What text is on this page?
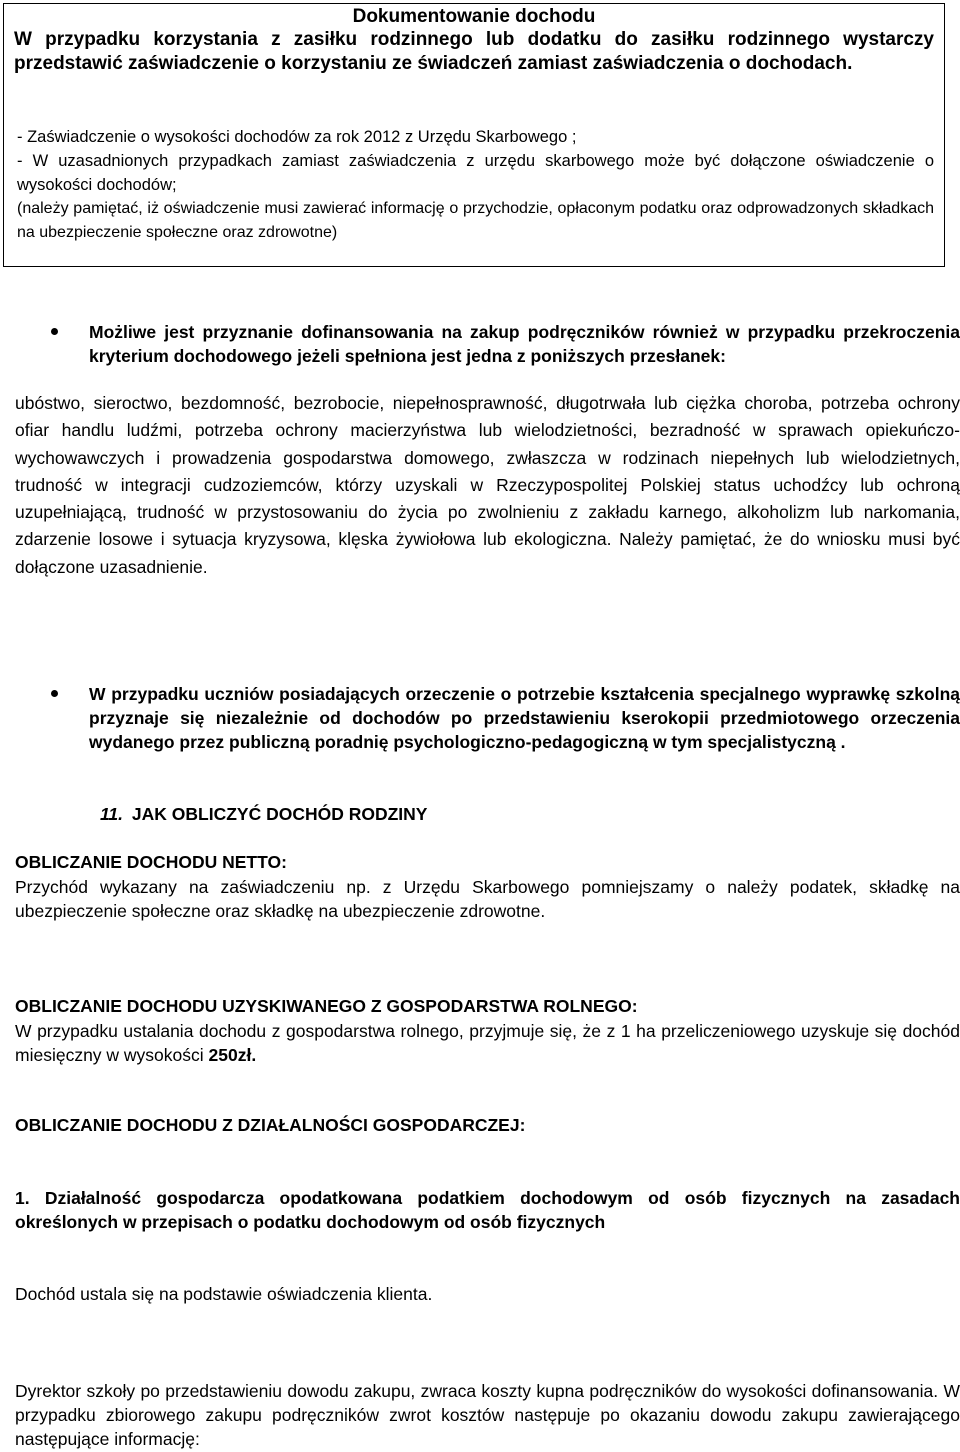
Dokumentowanie dochodu

W przypadku korzystania z zasiłku rodzinnego lub dodatku do zasiłku rodzinnego wystarczy przedstawić zaświadczenie o korzystaniu ze świadczeń zamiast zaświadczenia o dochodach.

- Zaświadczenie o wysokości dochodów za rok 2012 z Urzędu Skarbowego ;

- W uzasadnionych przypadkach zamiast zaświadczenia z urzędu skarbowego może być dołączone oświadczenie o wysokości dochodów;

(należy pamiętać, iż oświadczenie musi zawierać informację o przychodzie, opłaconym podatku oraz odprowadzonych składkach na ubezpieczenie społeczne oraz zdrowotne)

Możliwe jest przyznanie dofinansowania na zakup podręczników również w przypadku przekroczenia kryterium dochodowego jeżeli spełniona jest jedna z poniższych przesłanek:
ubóstwo, sieroctwo, bezdomność, bezrobocie, niepełnosprawność, długotrwała lub ciężka choroba, potrzeba ochrony ofiar handlu ludźmi, potrzeba ochrony macierzyństwa lub wielodzietności, bezradność w sprawach opiekuńczo-wychowawczych i prowadzenia gospodarstwa domowego, zwłaszcza w rodzinach niepełnych lub wielodzietnych, trudność w integracji cudzoziemców, którzy uzyskali w Rzeczypospolitej Polskiej status uchodźcy lub ochroną uzupełniającą, trudność w przystosowaniu do życia po zwolnieniu z zakładu karnego, alkoholizm lub narkomania, zdarzenie losowe i sytuacja kryzysowa, klęska żywiołowa lub ekologiczna. Należy pamiętać, że do wniosku musi być dołączone uzasadnienie.
W przypadku uczniów posiadających orzeczenie o potrzebie kształcenia specjalnego wyprawkę szkolną przyznaje się niezależnie od dochodów po przedstawieniu kserokopii przedmiotowego orzeczenia wydanego przez publiczną poradnię psychologiczno-pedagogiczną w tym specjalistyczną .
11. JAK OBLICZYĆ DOCHÓD RODZINY
OBLICZANIE DOCHODU NETTO:
Przychód wykazany na zaświadczeniu np. z Urzędu Skarbowego pomniejszamy o należy podatek, składkę na ubezpieczenie społeczne oraz składkę na ubezpieczenie zdrowotne.
OBLICZANIE DOCHODU UZYSKIWANEGO Z GOSPODARSTWA ROLNEGO:
W przypadku ustalania dochodu z gospodarstwa rolnego, przyjmuje się, że z 1 ha przeliczeniowego uzyskuje się dochód miesięczny w wysokości 250zł.
OBLICZANIE DOCHODU Z DZIAŁALNOŚCI GOSPODARCZEJ:
1. Działalność gospodarcza opodatkowana podatkiem dochodowym od osób fizycznych na zasadach określonych w przepisach o podatku dochodowym od osób fizycznych
Dochód ustala się na podstawie oświadczenia klienta.
Dyrektor szkoły po przedstawieniu dowodu zakupu, zwraca koszty kupna podręczników do wysokości dofinansowania. W przypadku zbiorowego zakupu podręczników zwrot kosztów następuje po okazaniu dowodu zakupu zawierającego następujące informację:
